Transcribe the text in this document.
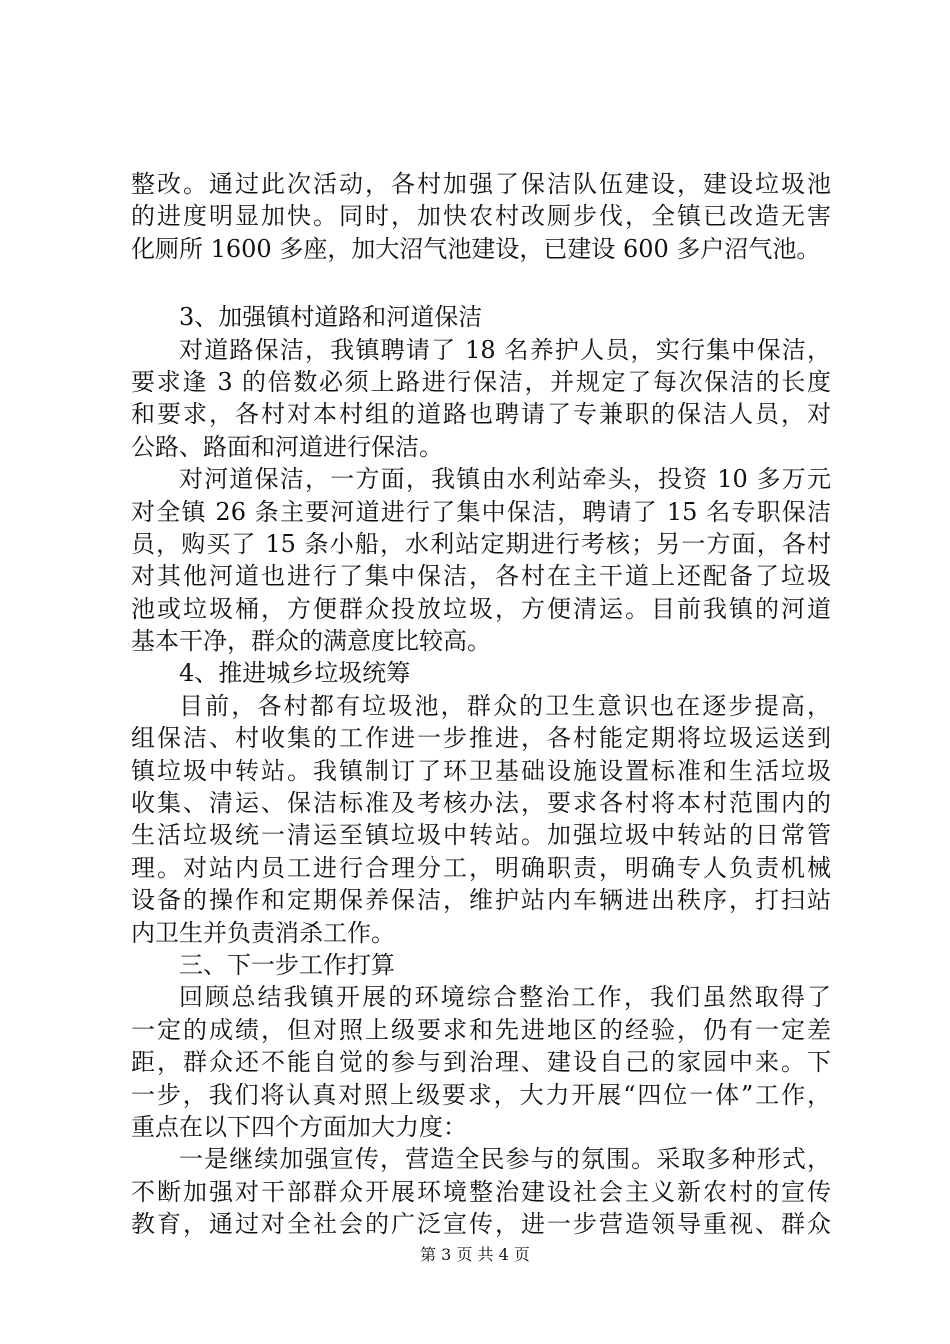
整改。通过此次活动，各村加强了保洁队伍建设，建设垃圾池
的进度明显加快。同时，加快农村改厕步伐，全镇已改造无害
化厕所 1600 多座，加大沼气池建设，已建设 600 多户沼气池。
3、加强镇村道路和河道保洁
对道路保洁，我镇聘请了 18 名养护人员，实行集中保洁，
要求逢 3 的倍数必须上路进行保洁，并规定了每次保洁的长度
和要求，各村对本村组的道路也聘请了专兼职的保洁人员，对
公路、路面和河道进行保洁。
对河道保洁，一方面，我镇由水利站牵头，投资 10 多万元
对全镇 26 条主要河道进行了集中保洁，聘请了 15 名专职保洁
员，购买了 15 条小船，水利站定期进行考核；另一方面，各村
对其他河道也进行了集中保洁，各村在主干道上还配备了垃圾
池或垃圾桶，方便群众投放垃圾，方便清运。目前我镇的河道
基本干净，群众的满意度比较高。
4、推进城乡垃圾统筹
目前，各村都有垃圾池，群众的卫生意识也在逐步提高，
组保洁、村收集的工作进一步推进，各村能定期将垃圾运送到
镇垃圾中转站。我镇制订了环卫基础设施设置标准和生活垃圾
收集、清运、保洁标准及考核办法，要求各村将本村范围内的
生活垃圾统一清运至镇垃圾中转站。加强垃圾中转站的日常管
理。对站内员工进行合理分工，明确职责，明确专人负责机械
设备的操作和定期保养保洁，维护站内车辆进出秩序，打扫站
内卫生并负责消杀工作。
三、下一步工作打算
回顾总结我镇开展的环境综合整治工作，我们虽然取得了
一定的成绩，但对照上级要求和先进地区的经验，仍有一定差
距，群众还不能自觉的参与到治理、建设自己的家园中来。下
一步，我们将认真对照上级要求，大力开展“四位一体”工作，
重点在以下四个方面加大力度：
一是继续加强宣传，营造全民参与的氛围。采取多种形式，
不断加强对干部群众开展环境整治建设社会主义新农村的宣传
教育，通过对全社会的广泛宣传，进一步营造领导重视、群众
第 3 页 共 4 页
